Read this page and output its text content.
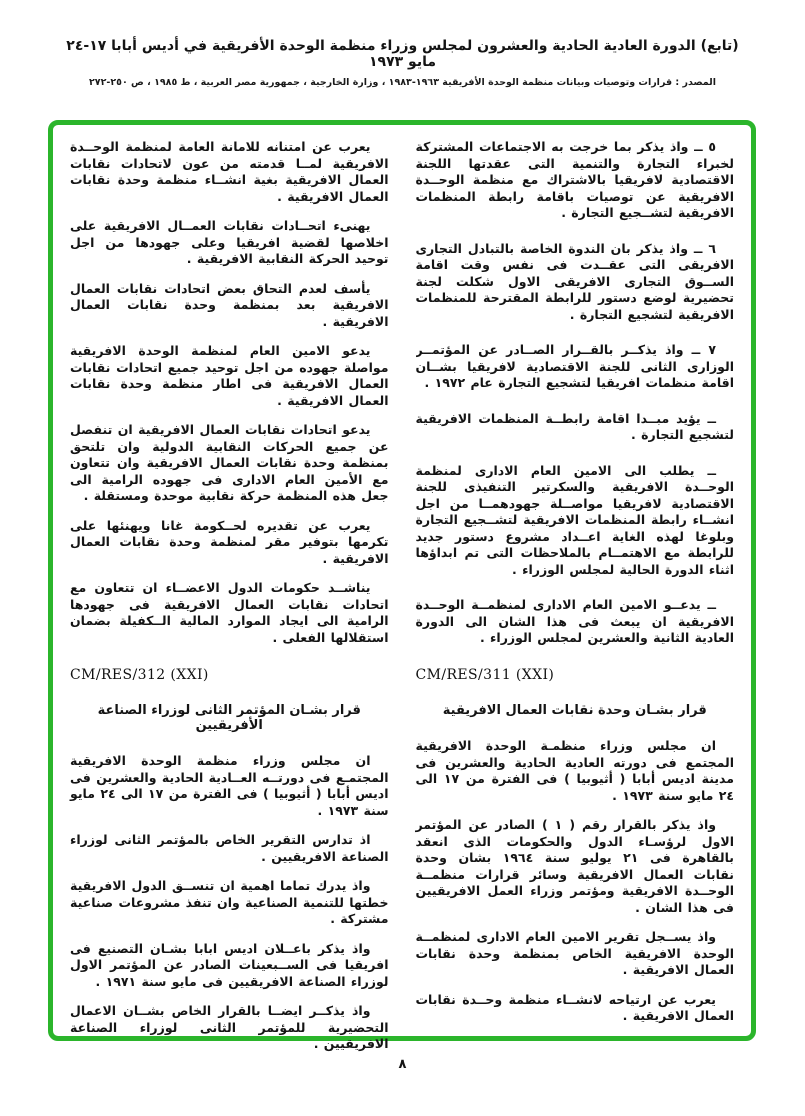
(تابع) الدورة العادية الحادية والعشرون لمجلس وزراء منظمة الوحدة الأفريقية في أديس أبابا ١٧-٢٤ مايو ١٩٧٣
المصدر : قرارات وتوصيات وبيانات منظمة الوحدة الأفريقية ١٩٦٣-١٩٨٣ ، وزارة الخارجية ، جمهورية مصر العربية ، ط ١٩٨٥ ، ص ٢٥٠-٢٧٢

٥ ــ واذ يذكر بما خرجت به الاجتماعات المشتركة لخبراء التجارة والتنمية التى عقدتها اللجنة الاقتصادية لافريقيا بالاشتراك مع منظمة الوحــدة الافريقية عن توصيات باقامة رابطة المنظمات الافريقية لتشــجيع التجارة .

٦ ــ واذ يذكر بان الندوة الخاصة بالتبادل التجارى الافريقى التى عقــدت فى نفس وقت اقامة الســوق التجارى الافريقى الاول شكلت لجنة تحضيرية لوضع دستور للرابطة المقترحة للمنظمات الافريقية لتشجيع التجارة .

٧ ــ واذ يذكــر بالقــرار الصــادر عن المؤتمــر الوزارى الثانى للجنة الاقتصادية لافريقيا بشــان اقامة منظمات افريقيا لتشجيع التجارة عام ١٩٧٢ .

ــ يؤيد مبــدا اقامة رابطــة المنظمات الافريقية لتشجيع التجارة .

ــ يطلب الى الامين العام الادارى لمنظمة الوحــدة الافريقية والسكرتير التنفيذى للجنة الاقتصادية لافريقيا مواصــلة جهودهمــا من اجل انشــاء رابطة المنظمات الافريقية لتشــجيع التجارة وبلوغا لهذه الغاية اعــداد مشروع دستور جديد للرابطة مع الاهتمــام بالملاحظات التى تم ابداؤها اثناء الدورة الحالية لمجلس الوزراء .

ــ يدعــو الامين العام الادارى لمنظمــة الوحــدة الافريقية ان يبعث فى هذا الشان الى الدورة العادية الثانية والعشرين لمجلس الوزراء .

CM/RES/311 (XXI)
قرار بشـان وحدة نقابات العمال الافريقية

ان مجلس وزراء منظمـة الوحدة الافريقية المجتمع فى دورته العادية الحادية والعشرين فى مدينة اديس أبابا ( أثيوبيا ) فى الفترة من ١٧ الى ٢٤ مايو سنة ١٩٧٣ .

واذ يذكر بالقرار رقم ( ١ ) الصادر عن المؤتمر الاول لرؤسـاء الدول والحكومات الذى انعقد بالقاهرة فى ٢١ يوليو سنة ١٩٦٤ بشان وحدة نقابات العمال الافريقية وسائر قرارات منظمــة الوحــدة الافريقية ومؤتمر وزراء العمل الافريقيين فى هذا الشان .

واذ يســجل تقرير الامين العام الادارى لمنظمــة الوحدة الافريقية الخاص بمنظمة وحدة نقابات العمال الافريقية .

يعرب عن ارتياحه لانشــاء منظمة وحــدة نقابات العمال الافريقية .

يعرب عن امتنانه للامانة العامة لمنظمة الوحــدة الافريقية لمــا قدمته من عون لاتحادات نقابات العمال الافريقية بغية انشــاء منظمة وحدة نقابات العمال الافريقية .

يهنىء اتحــادات نقابات العمــال الافريقية على اخلاصها لقضية افريقيا وعلى جهودها من اجل توحيد الحركة النقابية الافريقية .

يأسف لعدم التحاق بعض اتحادات نقابات العمال الافريقية بعد بمنظمة وحدة نقابات العمال الافريقية .

يدعو الامين العام لمنظمة الوحدة الافريقية مواصلة جهوده من اجل توحيد جميع اتحادات نقابات العمال الافريقية فى اطار منظمة وحدة نقابات العمال الافريقية .

يدعو اتحادات نقابات العمال الافريقية ان تنفصل عن جميع الحركات النقابية الدولية وان تلتحق بمنظمة وحدة نقابات العمال الافريقية وان تتعاون مع الأمين العام الادارى فى جهوده الرامية الى جعل هذه المنظمة حركة نقابية موحدة ومستقلة .

يعرب عن تقديره لحــكومة غانا ويهنئها على تكرمها بتوفير مقر لمنظمة وحدة نقابات العمال الافريقية .

يناشــد حكومات الدول الاعضــاء ان تتعاون مع اتحادات نقابات العمال الافريقية فى جهودها الرامية الى ايجاد الموارد المالية الــكفيلة بضمان استقلالها الفعلى .

CM/RES/312 (XXI)
قرار بشـان المؤتمر الثانى لوزراء الصناعة الأفريقيين

ان مجلس وزراء منظمة الوحدة الافريقية المجتمـع فى دورتــه العــادية الحادية والعشرين فى اديس أبابا ( أثيوبيا ) فى الفترة من ١٧ الى ٢٤ مايو سنة ١٩٧٣ .

اذ تدارس التقرير الخاص بالمؤتمر الثانى لوزراء الصناعة الافريقيين .

واذ يدرك تماما اهمية ان تنســق الدول الافريقية خطتها للتنمية الصناعية وان تنفذ مشروعات صناعية مشتركة .

واذ يذكر باعــلان اديس ابابا بشـان التصنيع فى افريقيا فى الســبعينات الصادر عن المؤتمر الاول لوزراء الصناعة الافريقيين فى مايو سنة ١٩٧١ .

واذ يذكــر ايضــا بالقرار الخاص بشــان الاعمال التحضيرية للمؤتمر الثانى لوزراء الصناعة الافريقيين .

٨
